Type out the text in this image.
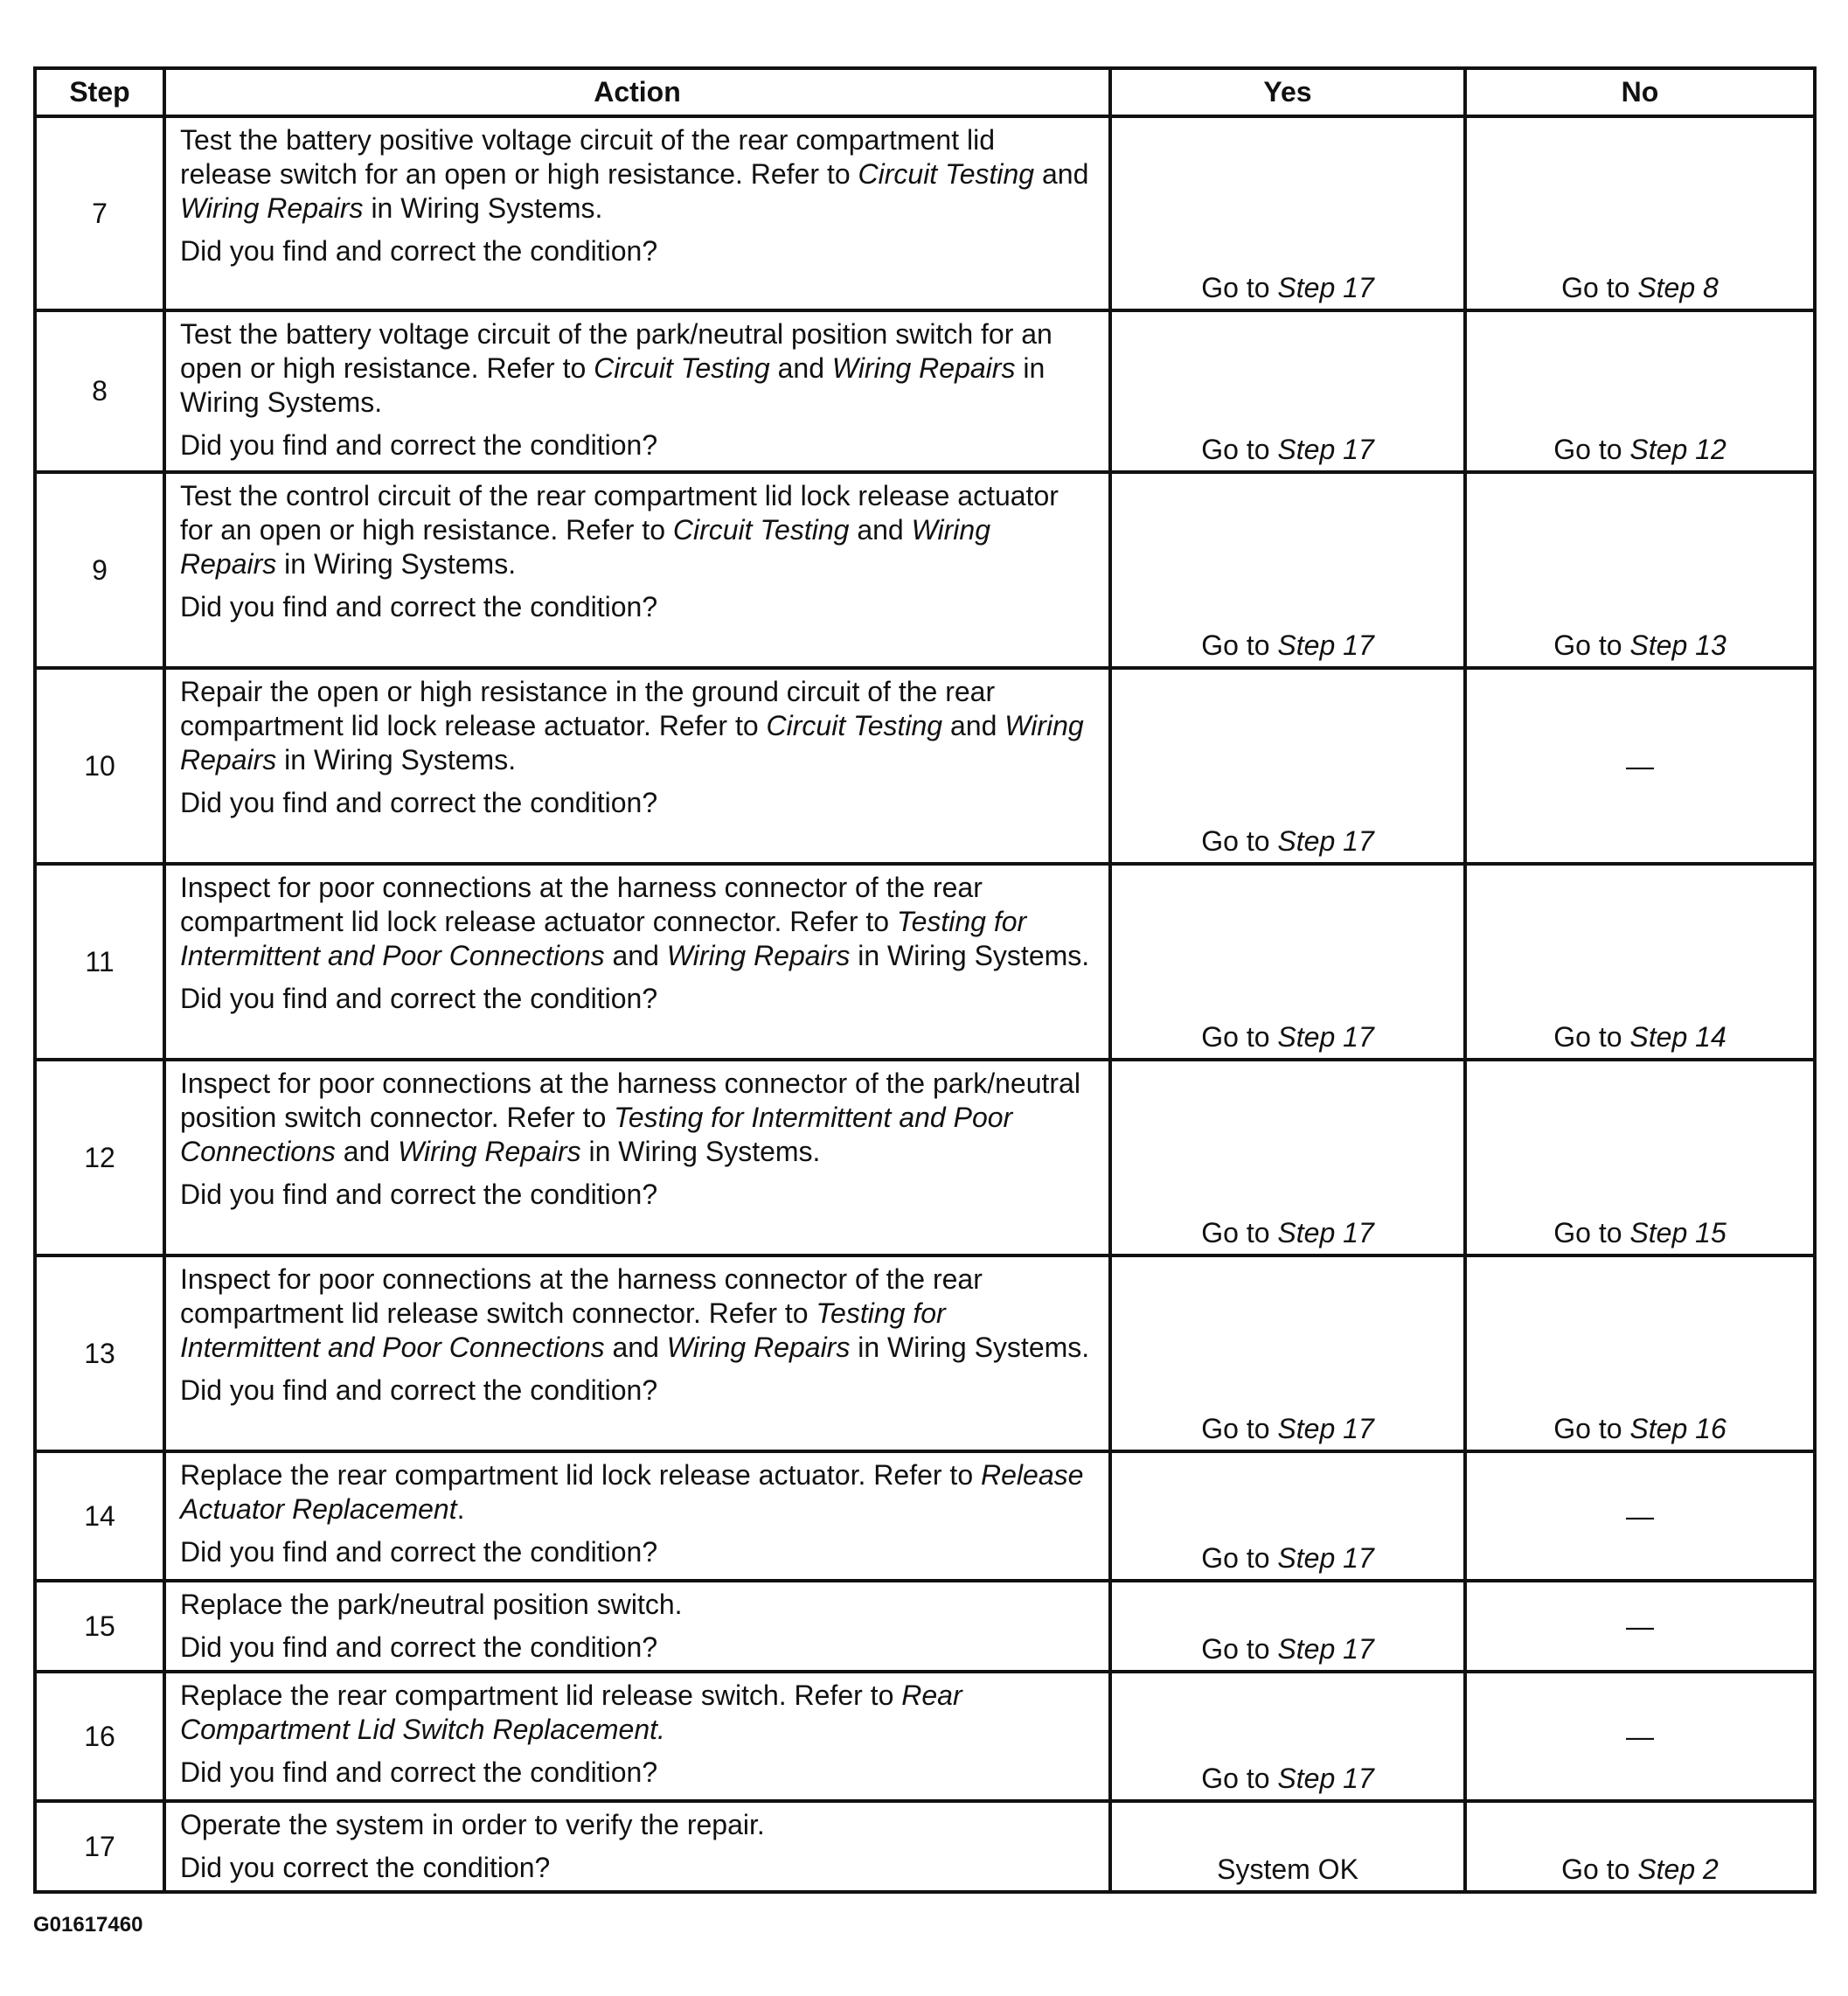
Step	Action	Yes	No
7	Test the battery positive voltage circuit of the rear compartment lid release switch for an open or high resistance. Refer to Circuit Testing and Wiring Repairs in Wiring Systems.
Did you find and correct the condition?	Go to Step 17	Go to Step 8
8	Test the battery voltage circuit of the park/neutral position switch for an open or high resistance. Refer to Circuit Testing and Wiring Repairs in Wiring Systems.
Did you find and correct the condition?	Go to Step 17	Go to Step 12
9	Test the control circuit of the rear compartment lid lock release actuator for an open or high resistance. Refer to Circuit Testing and Wiring Repairs in Wiring Systems.
Did you find and correct the condition?	Go to Step 17	Go to Step 13
10	Repair the open or high resistance in the ground circuit of the rear compartment lid lock release actuator. Refer to Circuit Testing and Wiring Repairs in Wiring Systems.
Did you find and correct the condition?	Go to Step 17	—
11	Inspect for poor connections at the harness connector of the rear compartment lid lock release actuator connector. Refer to Testing for Intermittent and Poor Connections and Wiring Repairs in Wiring Systems.
Did you find and correct the condition?	Go to Step 17	Go to Step 14
12	Inspect for poor connections at the harness connector of the park/neutral position switch connector. Refer to Testing for Intermittent and Poor Connections and Wiring Repairs in Wiring Systems.
Did you find and correct the condition?	Go to Step 17	Go to Step 15
13	Inspect for poor connections at the harness connector of the rear compartment lid release switch connector. Refer to Testing for Intermittent and Poor Connections and Wiring Repairs in Wiring Systems.
Did you find and correct the condition?	Go to Step 17	Go to Step 16
14	Replace the rear compartment lid lock release actuator. Refer to Release Actuator Replacement.
Did you find and correct the condition?	Go to Step 17	—
15	Replace the park/neutral position switch.
Did you find and correct the condition?	Go to Step 17	—
16	Replace the rear compartment lid release switch. Refer to Rear Compartment Lid Switch Replacement.
Did you find and correct the condition?	Go to Step 17	—
17	Operate the system in order to verify the repair.
Did you correct the condition?	System OK	Go to Step 2
G01617460
